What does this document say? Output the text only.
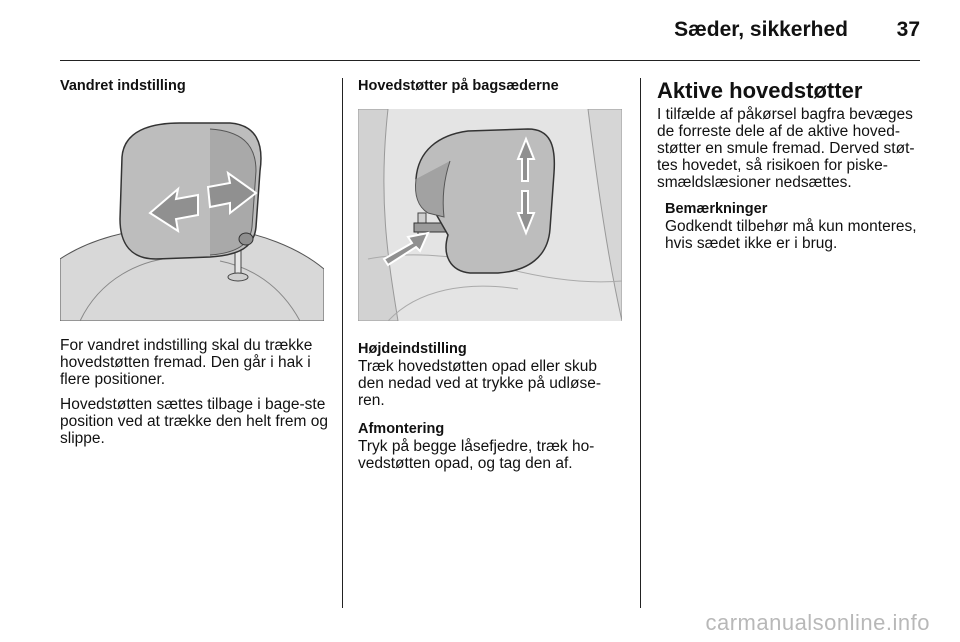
Sæder, sikkerhed 37

Vandret indstilling

For vandret indstilling skal du trække hovedstøtten fremad. Den går i hak i flere positioner.

Hovedstøtten sættes tilbage i bage-ste position ved at trække den helt frem og slippe.

Hovedstøtter på bagsæderne

Højdeindstilling

Træk hovedstøtten opad eller skub den nedad ved at trykke på udløse-ren.

Afmontering

Tryk på begge låsefjedre, træk ho-vedstøtten opad, og tag den af.

Aktive hovedstøtter

I tilfælde af påkørsel bagfra bevæges de forreste dele af de aktive hoved-støtter en smule fremad. Derved støt-tes hovedet, så risikoen for piske-smældslæsioner nedsættes.

Bemærkninger

Godkendt tilbehør må kun monteres, hvis sædet ikke er i brug.

carmanualsonline.info
